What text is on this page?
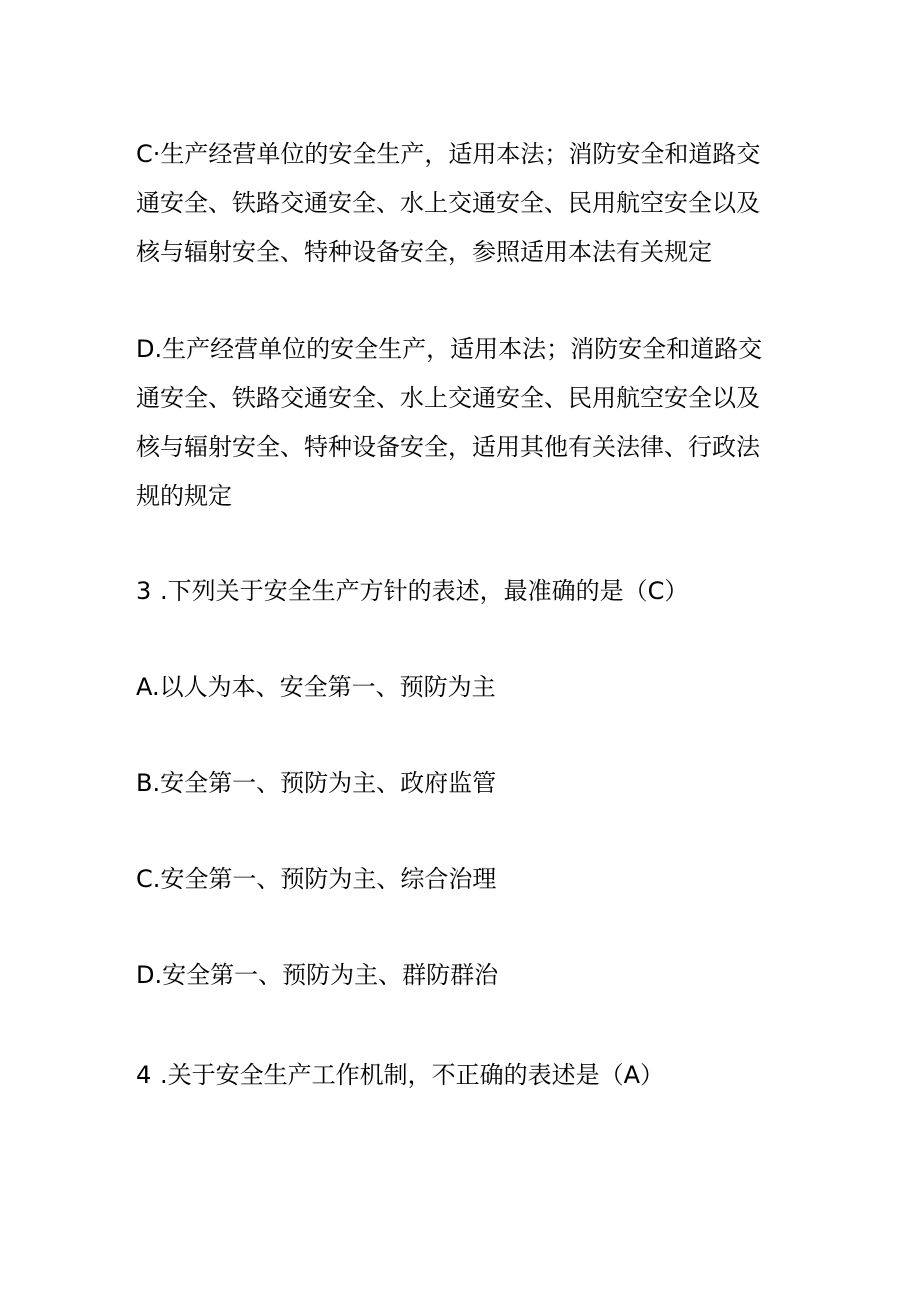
C·生产经营单位的安全生产，适用本法；消防安全和道路交
通安全、铁路交通安全、水上交通安全、民用航空安全以及
核与辐射安全、特种设备安全，参照适用本法有关规定
D.生产经营单位的安全生产，适用本法；消防安全和道路交
通安全、铁路交通安全、水上交通安全、民用航空安全以及
核与辐射安全、特种设备安全，适用其他有关法律、行政法
规的规定
3 .下列关于安全生产方针的表述，最准确的是（C）
A.以人为本、安全第一、预防为主
B.安全第一、预防为主、政府监管
C.安全第一、预防为主、综合治理
D.安全第一、预防为主、群防群治
4 .关于安全生产工作机制，不正确的表述是（A）
